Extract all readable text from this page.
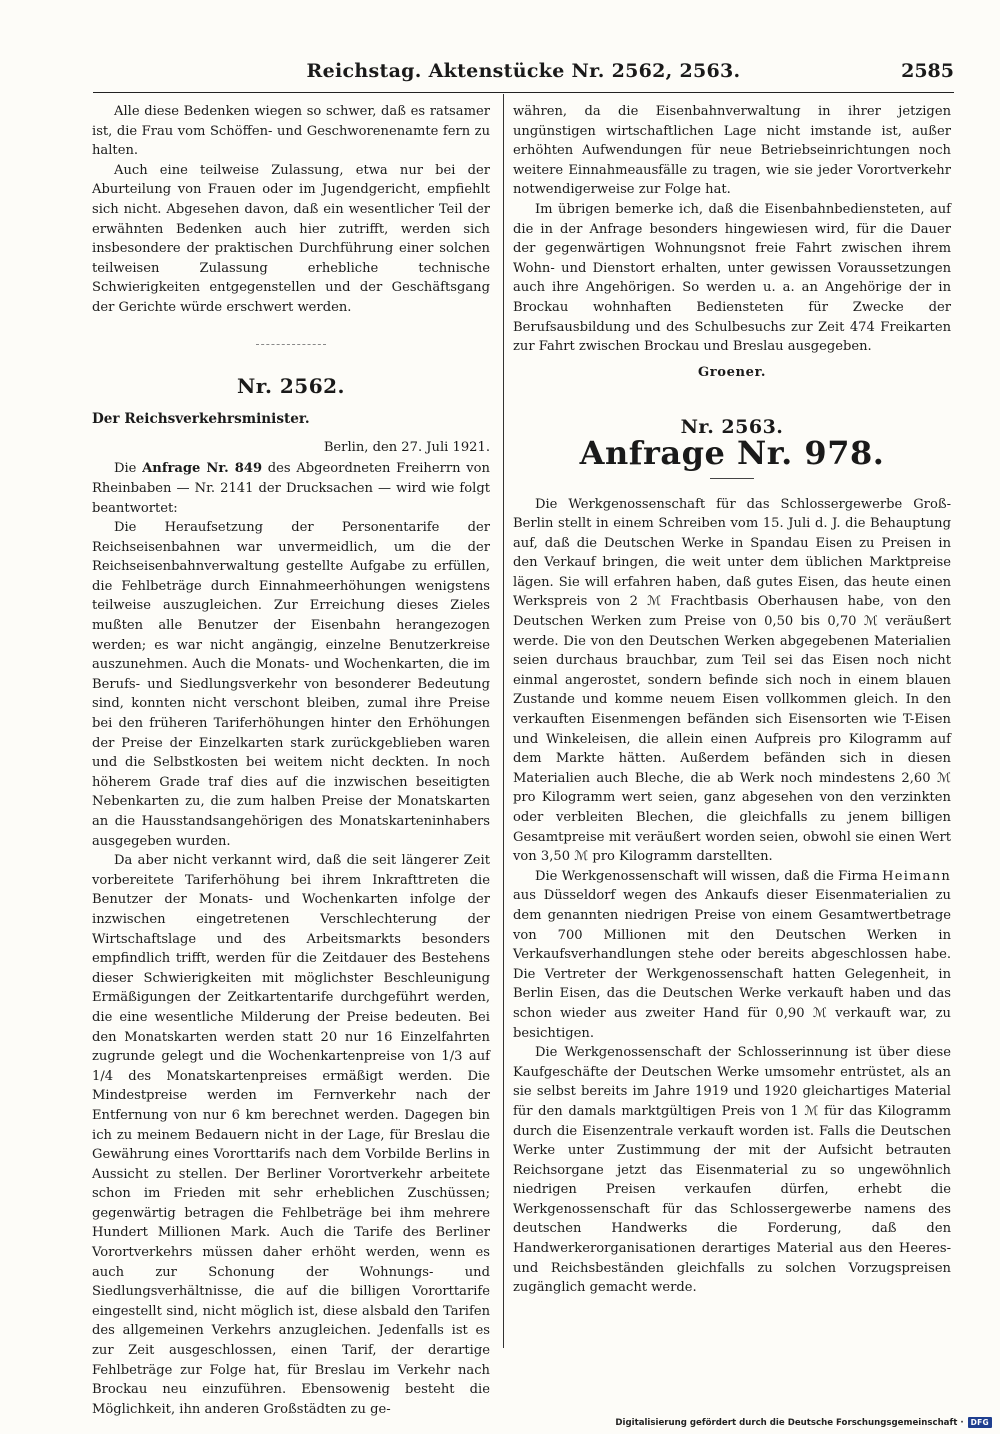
Reichstag. Aktenstücke Nr. 2562, 2563.	2585

Alle diese Bedenken wiegen so schwer, daß es ratsamer ist, die Frau vom Schöffen- und Geschworenenamte fern zu halten.

Auch eine teilweise Zulassung, etwa nur bei der Aburteilung von Frauen oder im Jugendgericht, empfiehlt sich nicht. Abgesehen davon, daß ein wesentlicher Teil der erwähnten Bedenken auch hier zutrifft, werden sich insbesondere der praktischen Durchführung einer solchen teilweisen Zulassung erhebliche technische Schwierigkeiten entgegenstellen und der Geschäftsgang der Gerichte würde erschwert werden.

Nr. 2562.

Der Reichsverkehrsminister.

Berlin, den 27. Juli 1921.

Die Anfrage Nr. 849 des Abgeordneten Freiherrn von Rheinbaben — Nr. 2141 der Drucksachen — wird wie folgt beantwortet:

Die Heraufsetzung der Personentarife der Reichseisenbahnen war unvermeidlich, um die der Reichseisenbahnverwaltung gestellte Aufgabe zu erfüllen, die Fehlbeträge durch Einnahmeerhöhungen wenigstens teilweise auszugleichen. Zur Erreichung dieses Zieles mußten alle Benutzer der Eisenbahn herangezogen werden; es war nicht angängig, einzelne Benutzerkreise auszunehmen. Auch die Monats- und Wochenkarten, die im Berufs- und Siedlungsverkehr von besonderer Bedeutung sind, konnten nicht verschont bleiben, zumal ihre Preise bei den früheren Tariferhöhungen hinter den Erhöhungen der Preise der Einzelkarten stark zurückgeblieben waren und die Selbstkosten bei weitem nicht deckten. In noch höherem Grade traf dies auf die inzwischen beseitigten Nebenkarten zu, die zum halben Preise der Monatskarten an die Hausstandsangehörigen des Monatskarteninhabers ausgegeben wurden.

Da aber nicht verkannt wird, daß die seit längerer Zeit vorbereitete Tariferhöhung bei ihrem Inkrafttreten die Benutzer der Monats- und Wochenkarten infolge der inzwischen eingetretenen Verschlechterung der Wirtschaftslage und des Arbeitsmarkts besonders empfindlich trifft, werden für die Zeitdauer des Bestehens dieser Schwierigkeiten mit möglichster Beschleunigung Ermäßigungen der Zeitkartentarife durchgeführt werden, die eine wesentliche Milderung der Preise bedeuten. Bei den Monatskarten werden statt 20 nur 16 Einzelfahrten zugrunde gelegt und die Wochenkartenpreise von 1/3 auf 1/4 des Monatskartenpreises ermäßigt werden. Die Mindestpreise werden im Fernverkehr nach der Entfernung von nur 6 km berechnet werden. Dagegen bin ich zu meinem Bedauern nicht in der Lage, für Breslau die Gewährung eines Vororttarifs nach dem Vorbilde Berlins in Aussicht zu stellen. Der Berliner Vorortverkehr arbeitete schon im Frieden mit sehr erheblichen Zuschüssen; gegenwärtig betragen die Fehlbeträge bei ihm mehrere Hundert Millionen Mark. Auch die Tarife des Berliner Vorortverkehrs müssen daher erhöht werden, wenn es auch zur Schonung der Wohnungs- und Siedlungsverhältnisse, die auf die billigen Vororttarife eingestellt sind, nicht möglich ist, diese alsbald den Tarifen des allgemeinen Verkehrs anzugleichen. Jedenfalls ist es zur Zeit ausgeschlossen, einen Tarif, der derartige Fehlbeträge zur Folge hat, für Breslau im Verkehr nach Brockau neu einzuführen. Ebensowenig besteht die Möglichkeit, ihn anderen Großstädten zu ge-

währen, da die Eisenbahnverwaltung in ihrer jetzigen ungünstigen wirtschaftlichen Lage nicht imstande ist, außer erhöhten Aufwendungen für neue Betriebseinrichtungen noch weitere Einnahmeausfälle zu tragen, wie sie jeder Vorortverkehr notwendigerweise zur Folge hat.

Im übrigen bemerke ich, daß die Eisenbahnbediensteten, auf die in der Anfrage besonders hingewiesen wird, für die Dauer der gegenwärtigen Wohnungsnot freie Fahrt zwischen ihrem Wohn- und Dienstort erhalten, unter gewissen Voraussetzungen auch ihre Angehörigen. So werden u. a. an Angehörige der in Brockau wohnhaften Bediensteten für Zwecke der Berufsausbildung und des Schulbesuchs zur Zeit 474 Freikarten zur Fahrt zwischen Brockau und Breslau ausgegeben.

Groener.
Nr. 2563.
Anfrage Nr. 978.

Die Werkgenossenschaft für das Schlossergewerbe Groß-Berlin stellt in einem Schreiben vom 15. Juli d. J. die Behauptung auf, daß die Deutschen Werke in Spandau Eisen zu Preisen in den Verkauf bringen, die weit unter dem üblichen Marktpreise lägen. Sie will erfahren haben, daß gutes Eisen, das heute einen Werkspreis von 2 ℳ Frachtbasis Oberhausen habe, von den Deutschen Werken zum Preise von 0,50 bis 0,70 ℳ veräußert werde. Die von den Deutschen Werken abgegebenen Materialien seien durchaus brauchbar, zum Teil sei das Eisen noch nicht einmal angerostet, sondern befinde sich noch in einem blauen Zustande und komme neuem Eisen vollkommen gleich. In den verkauften Eisenmengen befänden sich Eisensorten wie T-Eisen und Winkeleisen, die allein einen Aufpreis pro Kilogramm auf dem Markte hätten. Außerdem befänden sich in diesen Materialien auch Bleche, die ab Werk noch mindestens 2,60 ℳ pro Kilogramm wert seien, ganz abgesehen von den verzinkten oder verbleiten Blechen, die gleichfalls zu jenem billigen Gesamtpreise mit veräußert worden seien, obwohl sie einen Wert von 3,50 ℳ pro Kilogramm darstellten.

Die Werkgenossenschaft will wissen, daß die Firma Heimann aus Düsseldorf wegen des Ankaufs dieser Eisenmaterialien zu dem genannten niedrigen Preise von einem Gesamtwertbetrage von 700 Millionen mit den Deutschen Werken in Verkaufsverhandlungen stehe oder bereits abgeschlossen habe. Die Vertreter der Werkgenossenschaft hatten Gelegenheit, in Berlin Eisen, das die Deutschen Werke verkauft haben und das schon wieder aus zweiter Hand für 0,90 ℳ verkauft war, zu besichtigen.

Die Werkgenossenschaft der Schlosserinnung ist über diese Kaufgeschäfte der Deutschen Werke umsomehr entrüstet, als an sie selbst bereits im Jahre 1919 und 1920 gleichartiges Material für den damals marktgültigen Preis von 1 ℳ für das Kilogramm durch die Eisenzentrale verkauft worden ist. Falls die Deutschen Werke unter Zustimmung der mit der Aufsicht betrauten Reichsorgane jetzt das Eisenmaterial zu so ungewöhnlich niedrigen Preisen verkaufen dürfen, erhebt die Werkgenossenschaft für das Schlossergewerbe namens des deutschen Handwerks die Forderung, daß den Handwerkerorganisationen derartiges Material aus den Heeres- und Reichsbeständen gleichfalls zu solchen Vorzugspreisen zugänglich gemacht werde.

Digitalisierung gefördert durch die Deutsche Forschungsgemeinschaft · DFG
